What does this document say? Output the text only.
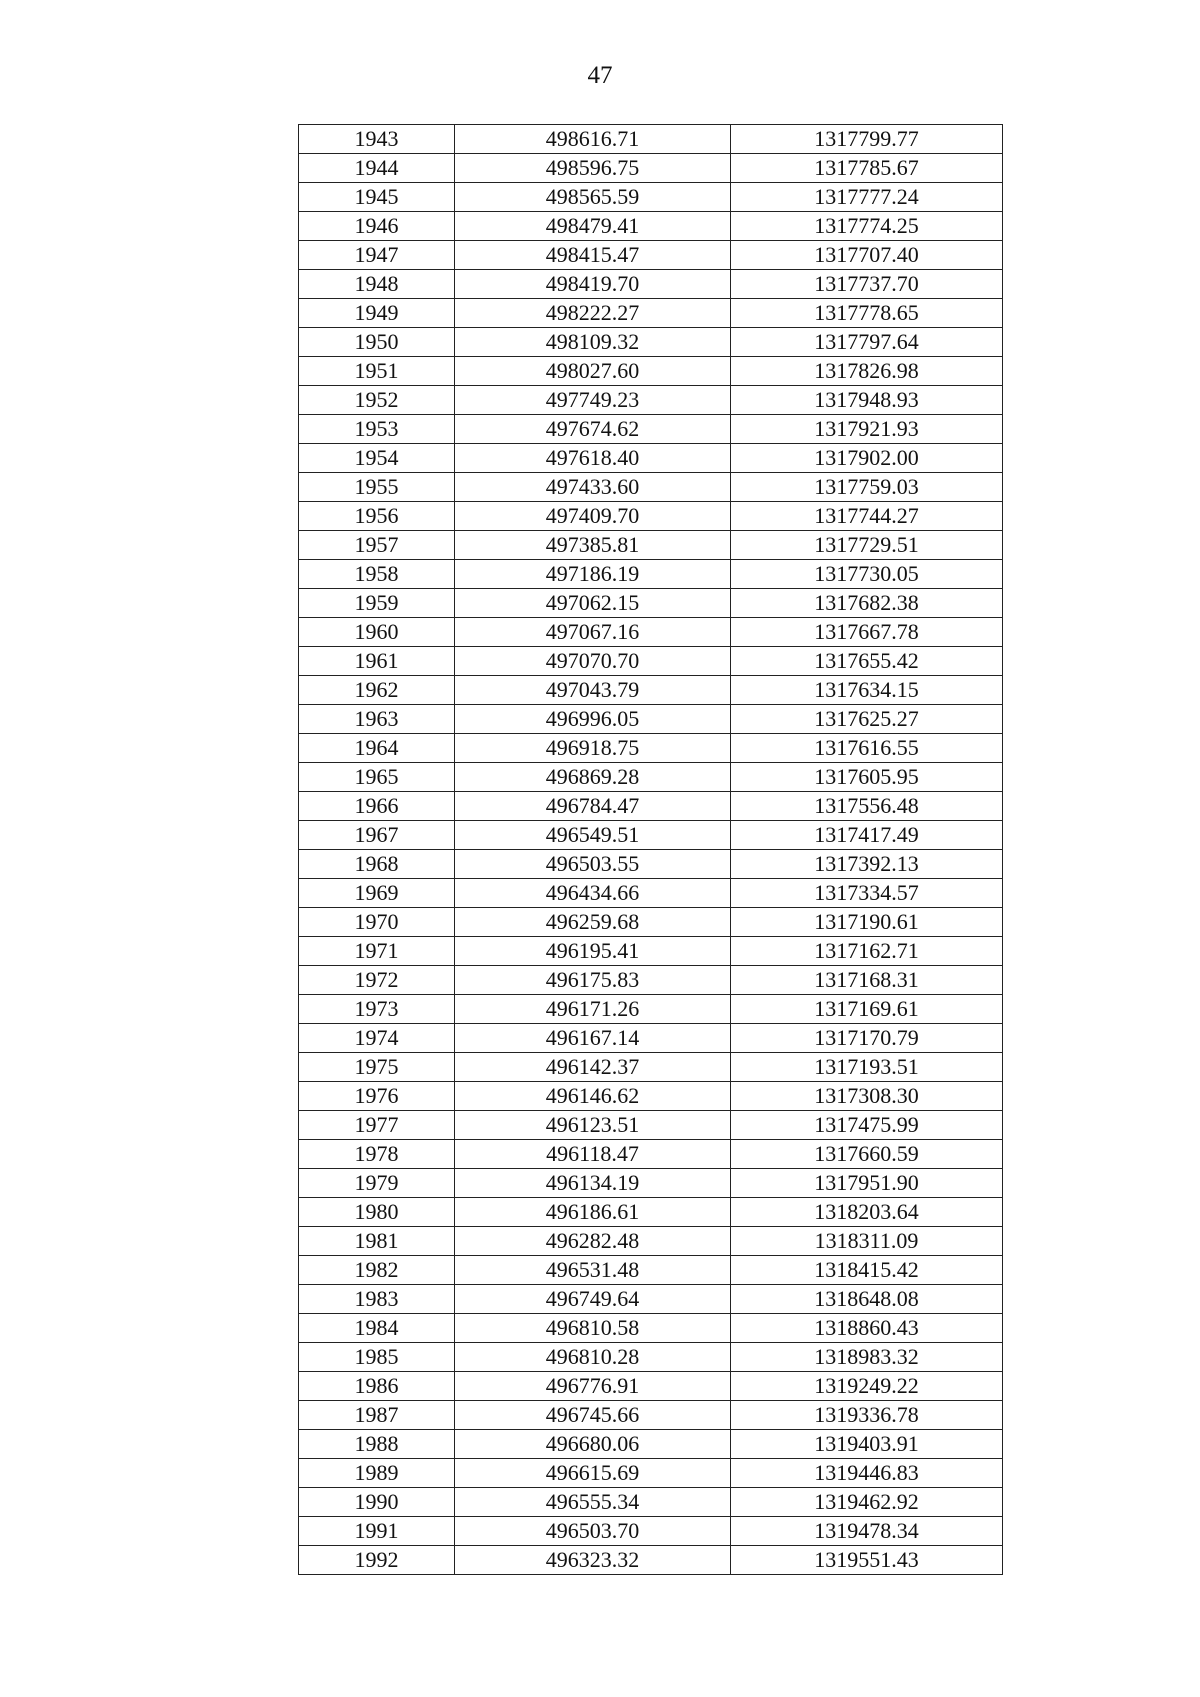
47
1943	498616.71	1317799.77
1944	498596.75	1317785.67
1945	498565.59	1317777.24
1946	498479.41	1317774.25
1947	498415.47	1317707.40
1948	498419.70	1317737.70
1949	498222.27	1317778.65
1950	498109.32	1317797.64
1951	498027.60	1317826.98
1952	497749.23	1317948.93
1953	497674.62	1317921.93
1954	497618.40	1317902.00
1955	497433.60	1317759.03
1956	497409.70	1317744.27
1957	497385.81	1317729.51
1958	497186.19	1317730.05
1959	497062.15	1317682.38
1960	497067.16	1317667.78
1961	497070.70	1317655.42
1962	497043.79	1317634.15
1963	496996.05	1317625.27
1964	496918.75	1317616.55
1965	496869.28	1317605.95
1966	496784.47	1317556.48
1967	496549.51	1317417.49
1968	496503.55	1317392.13
1969	496434.66	1317334.57
1970	496259.68	1317190.61
1971	496195.41	1317162.71
1972	496175.83	1317168.31
1973	496171.26	1317169.61
1974	496167.14	1317170.79
1975	496142.37	1317193.51
1976	496146.62	1317308.30
1977	496123.51	1317475.99
1978	496118.47	1317660.59
1979	496134.19	1317951.90
1980	496186.61	1318203.64
1981	496282.48	1318311.09
1982	496531.48	1318415.42
1983	496749.64	1318648.08
1984	496810.58	1318860.43
1985	496810.28	1318983.32
1986	496776.91	1319249.22
1987	496745.66	1319336.78
1988	496680.06	1319403.91
1989	496615.69	1319446.83
1990	496555.34	1319462.92
1991	496503.70	1319478.34
1992	496323.32	1319551.43
